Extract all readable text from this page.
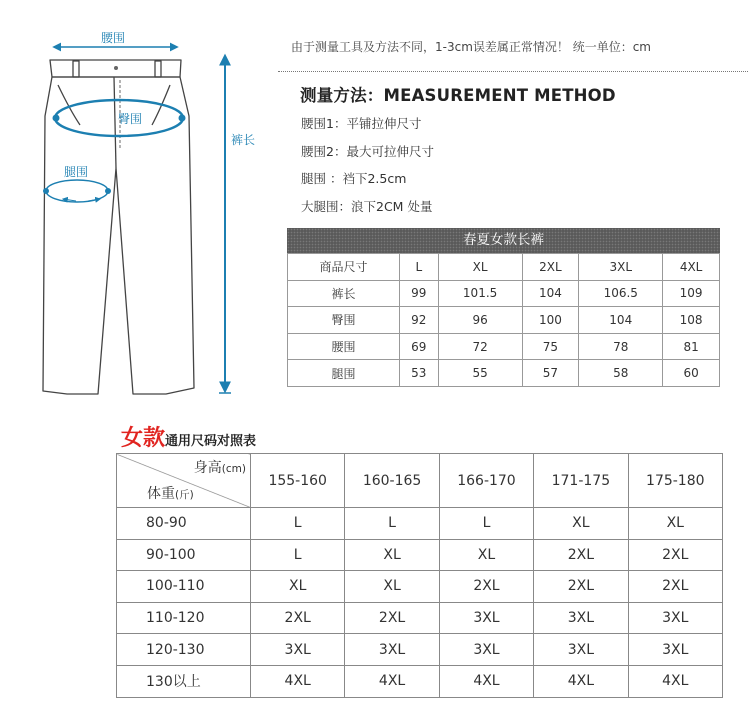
腰围
臀围
腿围
裤长
由于测量工具及方法不同，1-3cm误差属正常情况！ 统一单位：cm
测量方法：MEASUREMENT METHOD
腰围1：平铺拉伸尺寸
腰围2：最大可拉伸尺寸
腿围 ：裆下2.5cm
大腿围：浪下2CM 处量
春夏女款长裤
商品尺寸	L	XL	2XL	3XL	4XL
裤长	99	101.5	104	106.5	109
臀围	92	96	100	104	108
腰围	69	72	75	78	81
腿围	53	55	57	58	60
女款通用尺码对照表
身高(cm)
体重(斤)	155-160	160-165	166-170	171-175	175-180
80-90	L	L	L	XL	XL
90-100	L	XL	XL	2XL	2XL
100-110	XL	XL	2XL	2XL	2XL
110-120	2XL	2XL	3XL	3XL	3XL
120-130	3XL	3XL	3XL	3XL	3XL
130以上	4XL	4XL	4XL	4XL	4XL
